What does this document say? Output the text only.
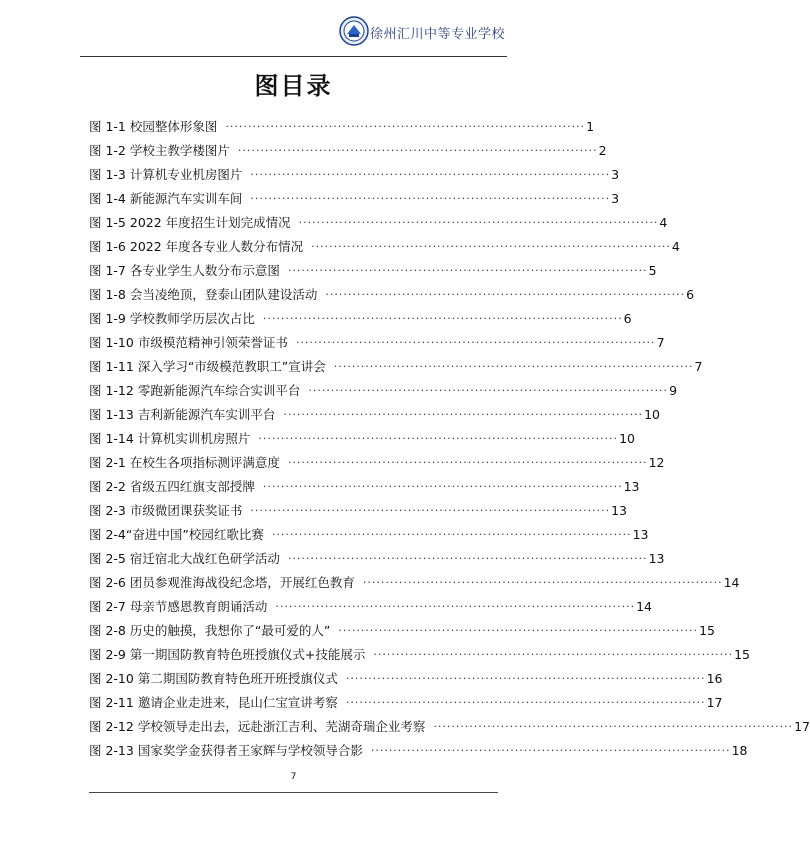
徐州汇川中等专业学校
图目录
图 1-1 校园整体形象图 ················································································ 1
图 1-2 学校主教学楼图片 ················································································ 2
图 1-3 计算机专业机房图片 ················································································ 3
图 1-4 新能源汽车实训车间 ················································································ 3
图 1-5 2022 年度招生计划完成情况 ················································································ 4
图 1-6 2022 年度各专业人数分布情况 ················································································ 4
图 1-7 各专业学生人数分布示意图 ················································································ 5
图 1-8 会当凌绝顶，登泰山团队建设活动 ················································································ 6
图 1-9 学校教师学历层次占比 ················································································ 6
图 1-10 市级模范精神引领荣誉证书 ················································································ 7
图 1-11 深入学习“市级模范教职工”宣讲会 ················································································ 7
图 1-12 零跑新能源汽车综合实训平台 ················································································ 9
图 1-13 吉利新能源汽车实训平台 ················································································ 10
图 1-14 计算机实训机房照片 ················································································ 10
图 2-1 在校生各项指标测评满意度 ················································································ 12
图 2-2 省级五四红旗支部授牌 ················································································ 13
图 2-3 市级微团课获奖证书 ················································································ 13
图 2-4“奋进中国”校园红歌比赛 ················································································ 13
图 2-5 宿迁宿北大战红色研学活动 ················································································ 13
图 2-6 团员参观淮海战役纪念塔，开展红色教育 ················································································ 14
图 2-7 母亲节感恩教育朗诵活动 ················································································ 14
图 2-8 历史的触摸，我想你了“最可爱的人” ················································································ 15
图 2-9 第一期国防教育特色班授旗仪式+技能展示 ················································································ 15
图 2-10 第二期国防教育特色班开班授旗仪式 ················································································ 16
图 2-11 邀请企业走进来，昆山仁宝宣讲考察 ················································································ 17
图 2-12 学校领导走出去，远赴浙江吉利、芜湖奇瑞企业考察 ················································································ 17
图 2-13 国家奖学金获得者王家辉与学校领导合影 ················································································ 18
7
